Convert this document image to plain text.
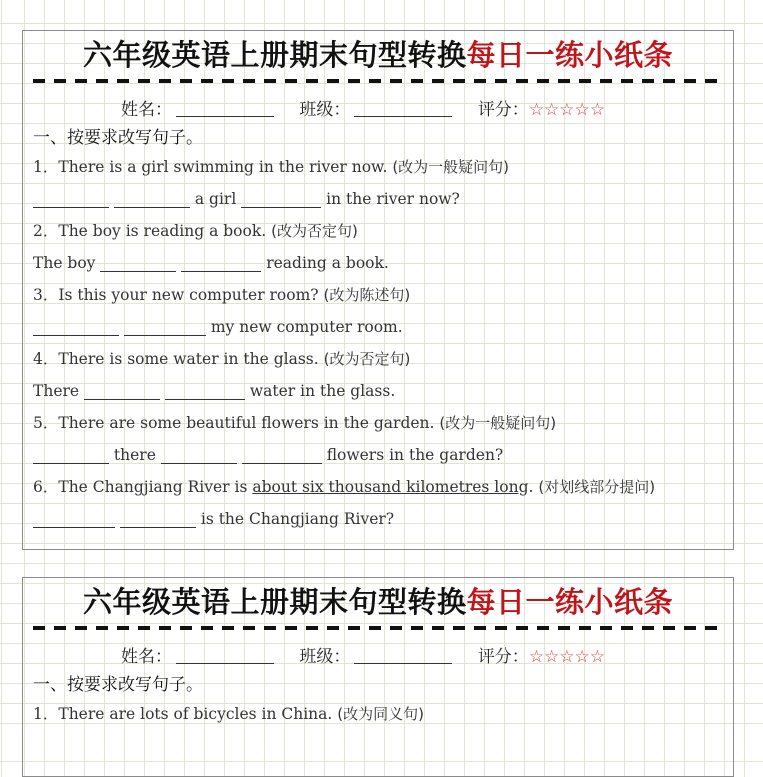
六年级英语上册期末句型转换每日一练小纸条
姓名：	班级：	评分：☆☆☆☆☆
一、按要求改写句子。
1．There is a girl swimming in the river now. (改为一般疑问句)
a girl	in the river now?
2．The boy is reading a book. (改为否定句)
The boy	reading a book.
3．Is this your new computer room? (改为陈述句)
my new computer room.
4．There is some water in the glass. (改为否定句)
There	water in the glass.
5．There are some beautiful flowers in the garden. (改为一般疑问句)
there	flowers in the garden?
6．The Changjiang River is about six thousand kilometres long. (对划线部分提问)
is the Changjiang River?
六年级英语上册期末句型转换每日一练小纸条
姓名：	班级：	评分：☆☆☆☆☆
一、按要求改写句子。
1．There are lots of bicycles in China. (改为同义句)
